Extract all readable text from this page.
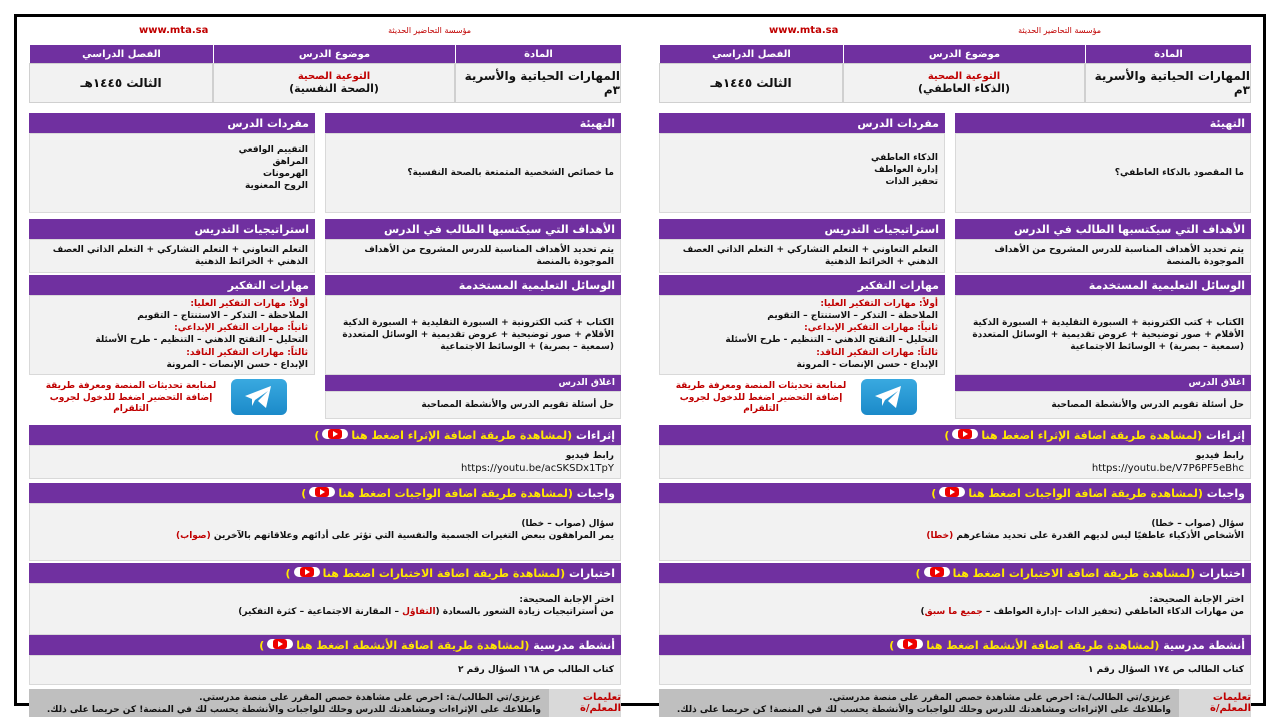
www.mta.sa	مؤسسة التحاضير الحديثة
المادة
المهارات الحياتية والأسرية ٣م
موضوع الدرس
التوعية الصحية
(الذكاء العاطفي)
الفصل الدراسي
الثالث ١٤٤٥هـ
التهيئة
ما المقصود بالذكاء العاطفي؟
مفردات الدرس
الذكاء العاطفي
إدارة العواطف
تحفيز الذات
الأهداف التي سيكتسبها الطالب في الدرس
يتم تحديد الأهداف المناسبة للدرس المشروح من الأهداف الموجودة بالمنصة
استراتيجيات التدريس
التعلم التعاوني + التعلم التشاركي + التعلم الذاتي العصف الذهني + الخرائط الذهنية
الوسائل التعليمية المستخدمة
الكتاب + كتب الكترونية + السبورة التقليدية + السبورة الذكية الأقلام + صور توضيحية + عروض تقديمية + الوسائل المتعددة (سمعية – بصرية) + الوسائط الاجتماعية
مهارات التفكير
أولاً: مهارات التفكير العليا:
الملاحظة – التذكر – الاستنتاج – التقويم
ثانياً: مهارات التفكير الإبداعي:
التحليل – التفتح الذهني – التنظيم - طرح الأسئلة
ثالثاً: مهارات التفكير الناقد:
الإبداع - حسن الإنصات - المرونة
اغلاق الدرس
حل أسئلة تقويم الدرس والأنشطة المصاحبة
لمتابعة تحديثات المنصة ومعرفة طريقة إضافة التحضير اضغط للدخول لجروب التلقرام
إثراءات

(لمشاهدة طريقة اضافة الإثراء اضغط هنا
)
رابط فيديو
https://youtu.be/V7P6PF5eBhc
واجبات

(لمشاهدة طريقة اضافة الواجبات اضغط هنا
)
سؤال (صواب – خطا)
الأشخاص الأذكياء عاطفيًا ليس لديهم القدرة على تحديد مشاعرهم (خطا)
اختبارات

(لمشاهدة طريقة اضافة الاختبارات اضغط هنا
)
اختر الإجابة الصحيحة:
من مهارات الذكاء العاطفي (تحفيز الذات –إدارة العواطف – جميع ما سبق)
أنشطة مدرسية

(لمشاهدة طريقة اضافة الأنشطة اضغط هنا
)
كتاب الطالب ص ١٧٤ السؤال رقم ١
تعليمات المعلم/ة
عزيزي/تي الطالب/ـة: احرص على مشاهدة حصص المقرر على منصة مدرستي.
واطلاعك على الإثراءات ومشاهدتك للدرس وحلك للواجبات والأنشطة يحسب لك في المنصة! كن حريصا على ذلك.
www.mta.sa	مؤسسة التحاضير الحديثة
المادة
المهارات الحياتية والأسرية ٣م
موضوع الدرس
التوعية الصحية
(الصحة النفسية)
الفصل الدراسي
الثالث ١٤٤٥هـ
التهيئة
ما خصائص الشخصية المتمتعة بالصحة النفسية؟
مفردات الدرس
التقييم الواقعي
المراهق
الهرمونات
الروح المعنوية
الأهداف التي سيكتسبها الطالب في الدرس
يتم تحديد الأهداف المناسبة للدرس المشروح من الأهداف الموجودة بالمنصة
استراتيجيات التدريس
التعلم التعاوني + التعلم التشاركي + التعلم الذاتي العصف الذهني + الخرائط الذهنية
الوسائل التعليمية المستخدمة
الكتاب + كتب الكترونية + السبورة التقليدية + السبورة الذكية الأقلام + صور توضيحية + عروض تقديمية + الوسائل المتعددة (سمعية – بصرية) + الوسائط الاجتماعية
مهارات التفكير
أولاً: مهارات التفكير العليا:
الملاحظة – التذكر – الاستنتاج – التقويم
ثانياً: مهارات التفكير الإبداعي:
التحليل – التفتح الذهني – التنظيم - طرح الأسئلة
ثالثاً: مهارات التفكير الناقد:
الإبداع - حسن الإنصات - المرونة
اغلاق الدرس
حل أسئلة تقويم الدرس والأنشطة المصاحبة
لمتابعة تحديثات المنصة ومعرفة طريقة إضافة التحضير اضغط للدخول لجروب التلقرام
إثراءات

(لمشاهدة طريقة اضافة الإثراء اضغط هنا
)
رابط فيديو
https://youtu.be/acSKSDx1TpY
واجبات

(لمشاهدة طريقة اضافة الواجبات اضغط هنا
)
سؤال (صواب – خطا)
يمر المراهقون ببعض التغيرات الجسمية والنفسية التي تؤثر على أدائهم وعلاقاتهم بالآخرين (صواب)
اختبارات

(لمشاهدة طريقة اضافة الاختبارات اضغط هنا
)
اختر الإجابة الصحيحة:
من أستراتيجيات زيادة الشعور بالسعادة (التفاؤل – المقارنة الاجتماعية – كثرة التفكير)
أنشطة مدرسية

(لمشاهدة طريقة اضافة الأنشطة اضغط هنا
)
كتاب الطالب ص ١٦٨ السؤال رقم ٢
تعليمات المعلم/ة
عزيزي/تي الطالب/ـة: احرص على مشاهدة حصص المقرر على منصة مدرستي.
واطلاعك على الإثراءات ومشاهدتك للدرس وحلك للواجبات والأنشطة يحسب لك في المنصة! كن حريصا على ذلك.
